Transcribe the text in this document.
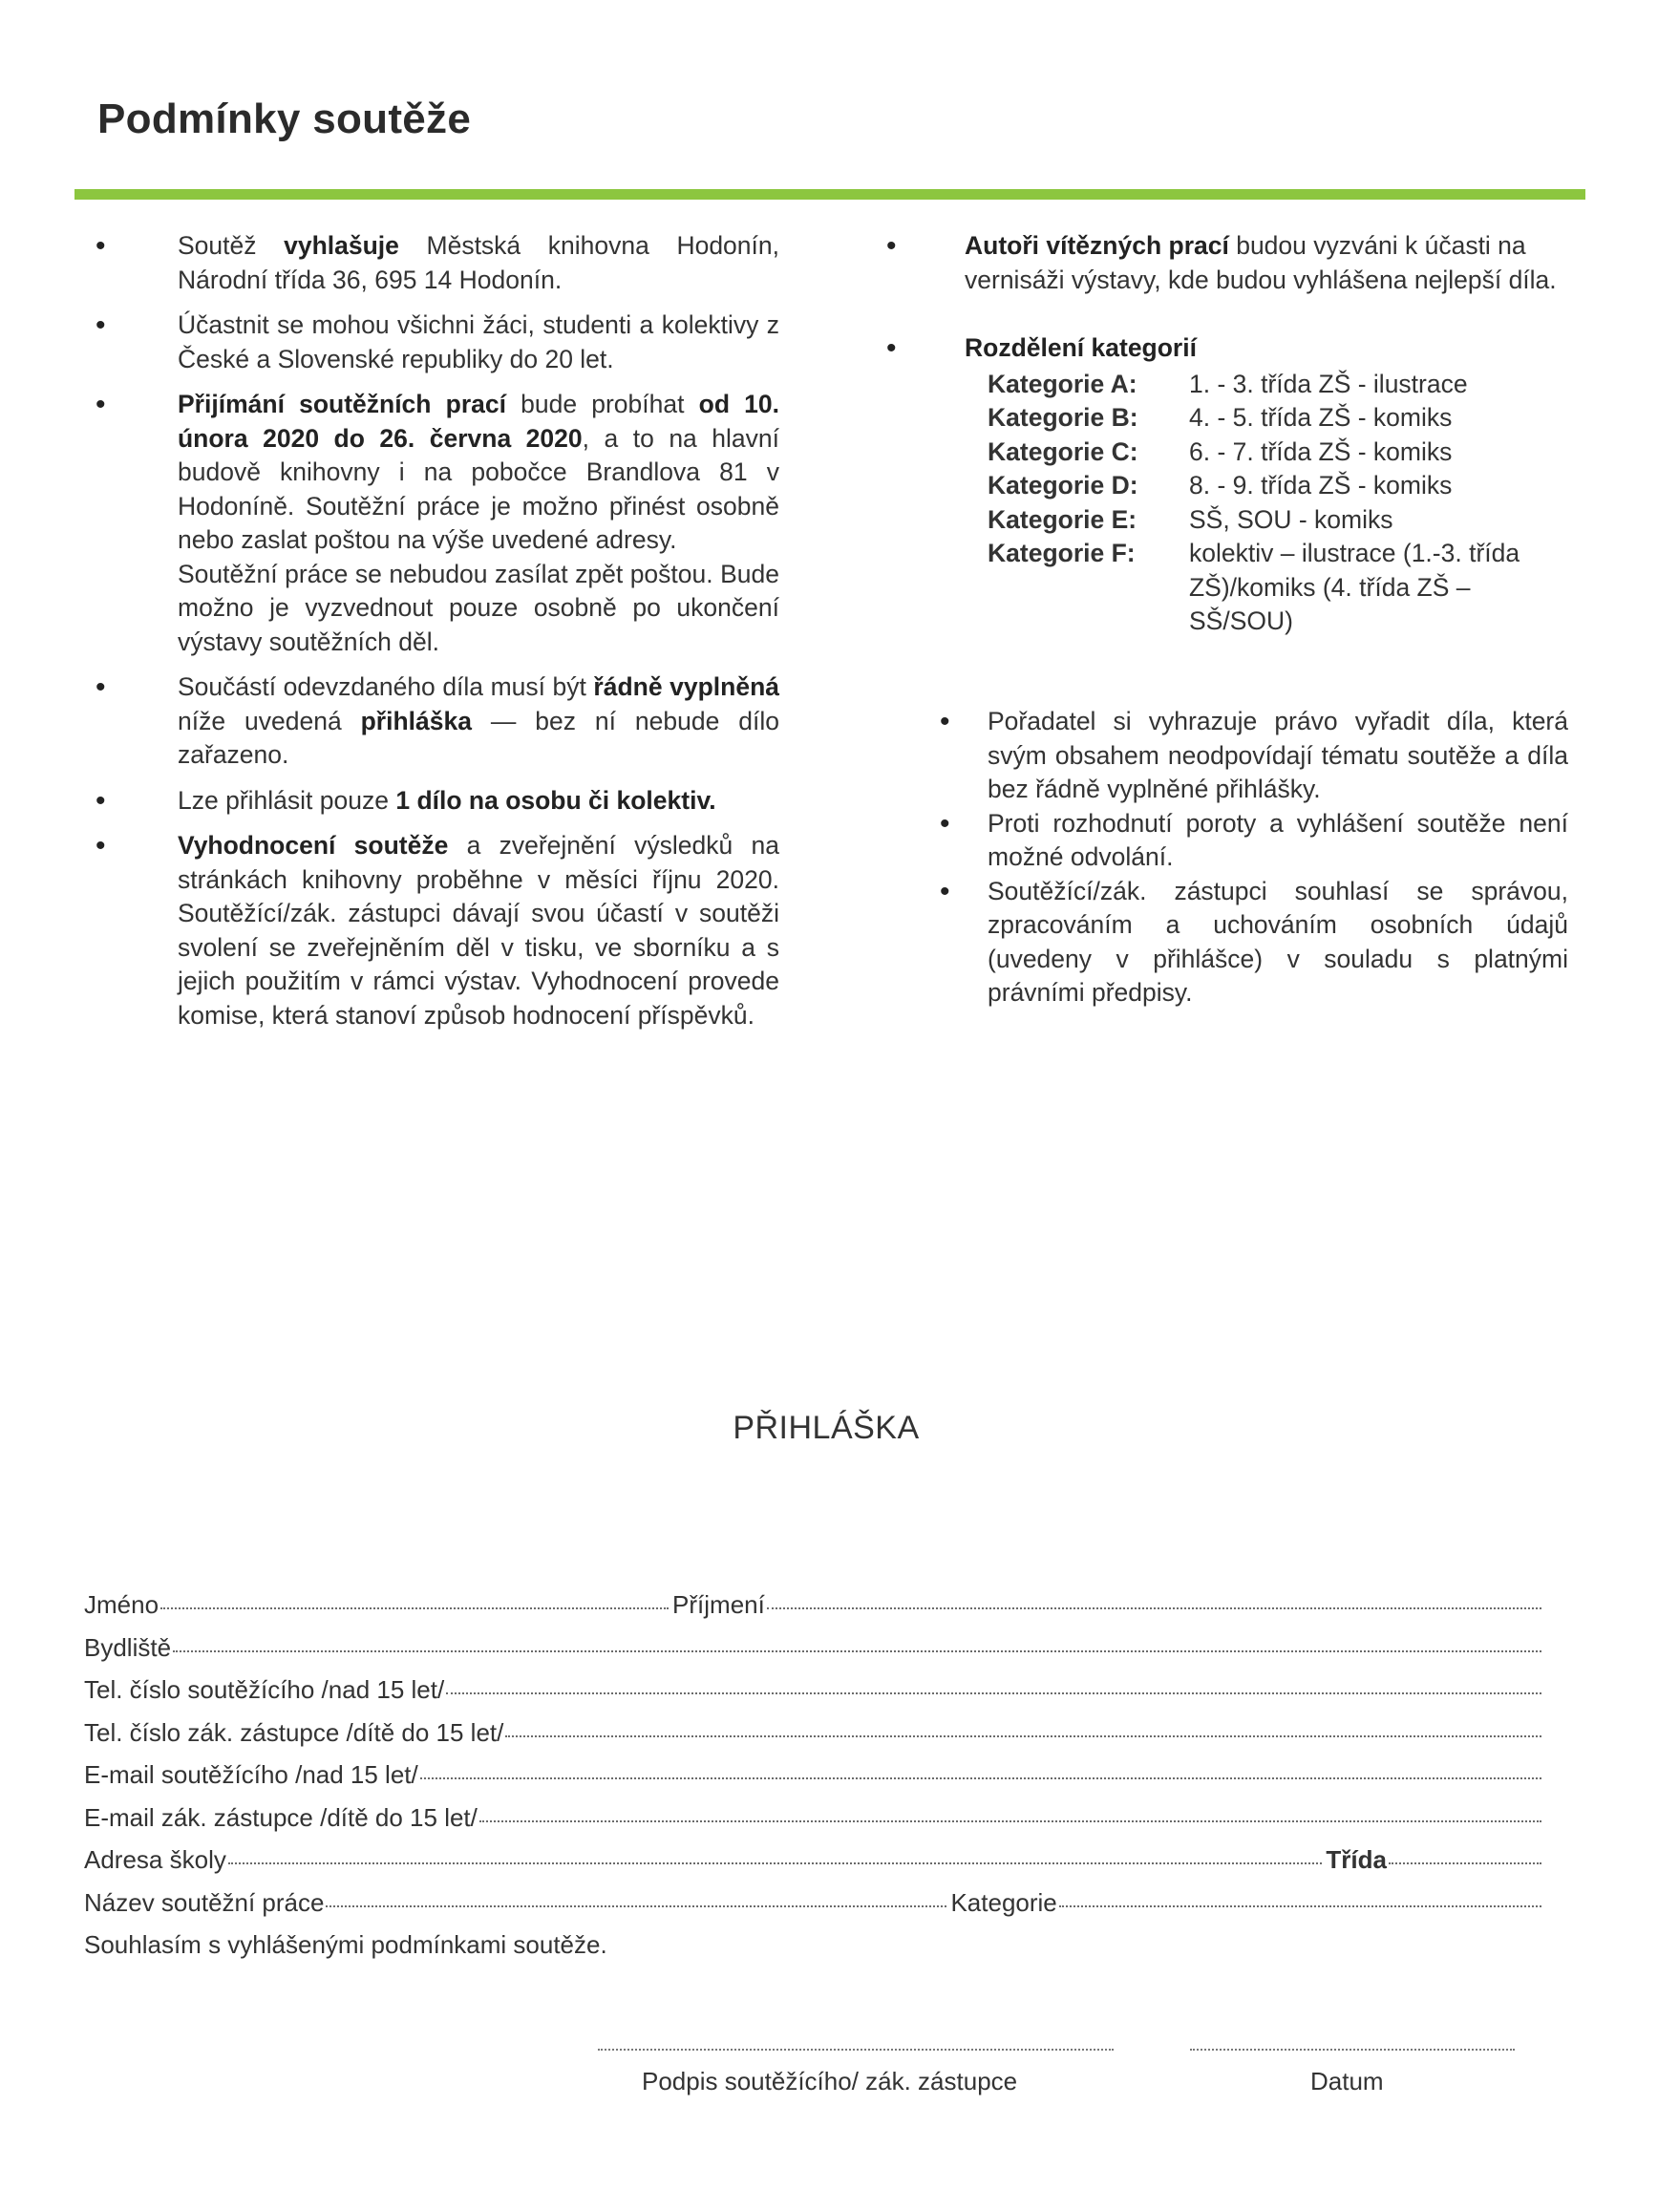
Podmínky soutěže
• Soutěž vyhlašuje Městská knihovna Hodonín, Národní třída 36, 695 14 Hodonín.
• Účastnit se mohou všichni žáci, studenti a kolektivy z České a Slovenské republiky do 20 let.
• Přijímání soutěžních prací bude probíhat od 10. února 2020 do 26. června 2020, a to na hlavní budově knihovny i na pobočce Brandlova 81 v Hodoníně. Soutěžní práce je možno přinést osobně nebo zaslat poštou na výše uvedené adresy.
Soutěžní práce se nebudou zasílat zpět poštou. Bude možno je vyzvednout pouze osobně po ukončení výstavy soutěžních děl.
• Součástí odevzdaného díla musí být řádně vyplněná níže uvedená přihláška — bez ní nebude dílo zařazeno.
• Lze přihlásit pouze 1 dílo na osobu či kolektiv.
• Vyhodnocení soutěže a zveřejnění výsledků na stránkách knihovny proběhne v měsíci říjnu 2020. Soutěžící/zák. zástupci dávají svou účastí v soutěži svolení se zveřejněním děl v tisku, ve sborníku a s jejich použitím v rámci výstav. Vyhodnocení provede komise, která stanoví způsob hodnocení příspěvků.
• Autoři vítězných prací budou vyzváni k účasti na vernisáži výstavy, kde budou vyhlášena nejlepší díla.
• Rozdělení kategorií
Kategorie A:	1. - 3. třída ZŠ - ilustrace
Kategorie B:	4. - 5. třída ZŠ - komiks
Kategorie C:	6. - 7. třída ZŠ - komiks
Kategorie D:	8. - 9. třída ZŠ - komiks
Kategorie E:	SŠ, SOU - komiks
Kategorie F:	kolektiv – ilustrace (1.-3. třída ZŠ)/komiks (4. třída ZŠ – SŠ/SOU)
• Pořadatel si vyhrazuje právo vyřadit díla, která svým obsahem neodpovídají tématu soutěže a díla bez řádně vyplněné přihlášky.
• Proti rozhodnutí poroty a vyhlášení soutěže není možné odvolání.
• Soutěžící/zák. zástupci souhlasí se správou, zpracováním a uchováním osobních údajů (uvedeny v přihlášce) v souladu s platnými právními předpisy.
PŘIHLÁŠKA
Jméno	Příjmení
Bydliště
Tel. číslo soutěžícího /nad 15 let/
Tel. číslo zák. zástupce /dítě do 15 let/
E-mail soutěžícího /nad 15 let/
E-mail zák. zástupce /dítě do 15 let/
Adresa školy	Třída
Název soutěžní práce	Kategorie
Souhlasím s vyhlášenými podmínkami soutěže.
Podpis soutěžícího/ zák. zástupce	Datum
